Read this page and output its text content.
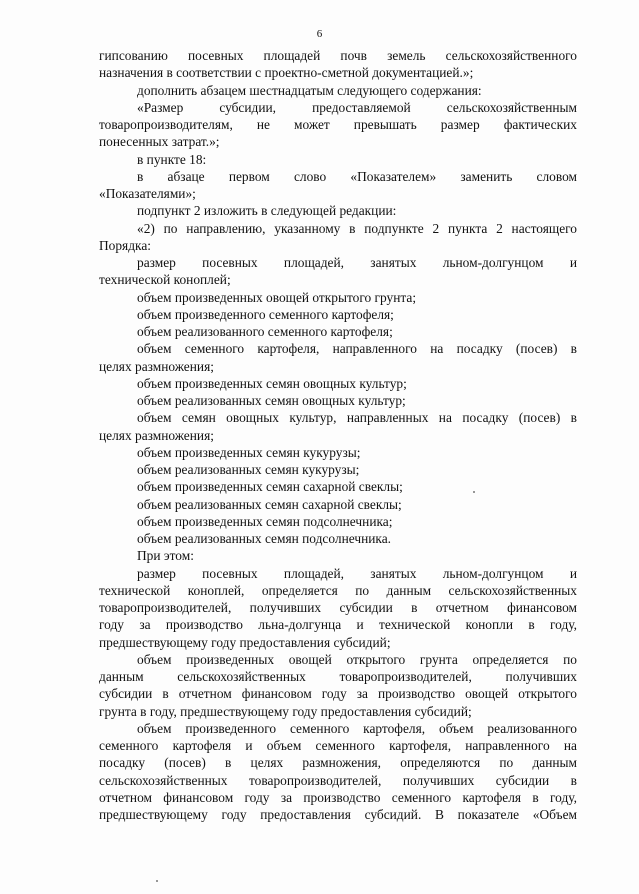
6

гипсованию посевных площадей почв земель сельскохозяйственного

назначения в соответствии с проектно-сметной документацией.»;

дополнить абзацем шестнадцатым следующего содержания:

«Размер субсидии, предоставляемой сельскохозяйственным

товаропроизводителям, не может превышать размер фактических

понесенных затрат.»;

в пункте 18:

в абзаце первом слово «Показателем» заменить словом

«Показателями»;

подпункт 2 изложить в следующей редакции:

«2) по направлению, указанному в подпункте 2 пункта 2 настоящего

Порядка:

размер посевных площадей, занятых льном-долгунцом и

технической коноплей;

объем произведенных овощей открытого грунта;

объем произведенного семенного картофеля;

объем реализованного семенного картофеля;

объем семенного картофеля, направленного на посадку (посев) в

целях размножения;

объем произведенных семян овощных культур;

объем реализованных семян овощных культур;

объем семян овощных культур, направленных на посадку (посев) в

целях размножения;

объем произведенных семян кукурузы;

объем реализованных семян кукурузы;

объем произведенных семян сахарной свеклы;

объем реализованных семян сахарной свеклы;

объем произведенных семян подсолнечника;

объем реализованных семян подсолнечника.

При этом:

размер посевных площадей, занятых льном-долгунцом и

технической коноплей, определяется по данным сельскохозяйственных

товаропроизводителей, получивших субсидии в отчетном финансовом

году за производство льна-долгунца и технической конопли в году,

предшествующему году предоставления субсидий;

объем произведенных овощей открытого грунта определяется по

данным сельскохозяйственных товаропроизводителей, получивших

субсидии в отчетном финансовом году за производство овощей открытого

грунта в году, предшествующему году предоставления субсидий;

объем произведенного семенного картофеля, объем реализованного

семенного картофеля и объем семенного картофеля, направленного на

посадку (посев) в целях размножения, определяются по данным

сельскохозяйственных товаропроизводителей, получивших субсидии в

отчетном финансовом году за производство семенного картофеля в году,

предшествующему году предоставления субсидий. В показателе «Объем
